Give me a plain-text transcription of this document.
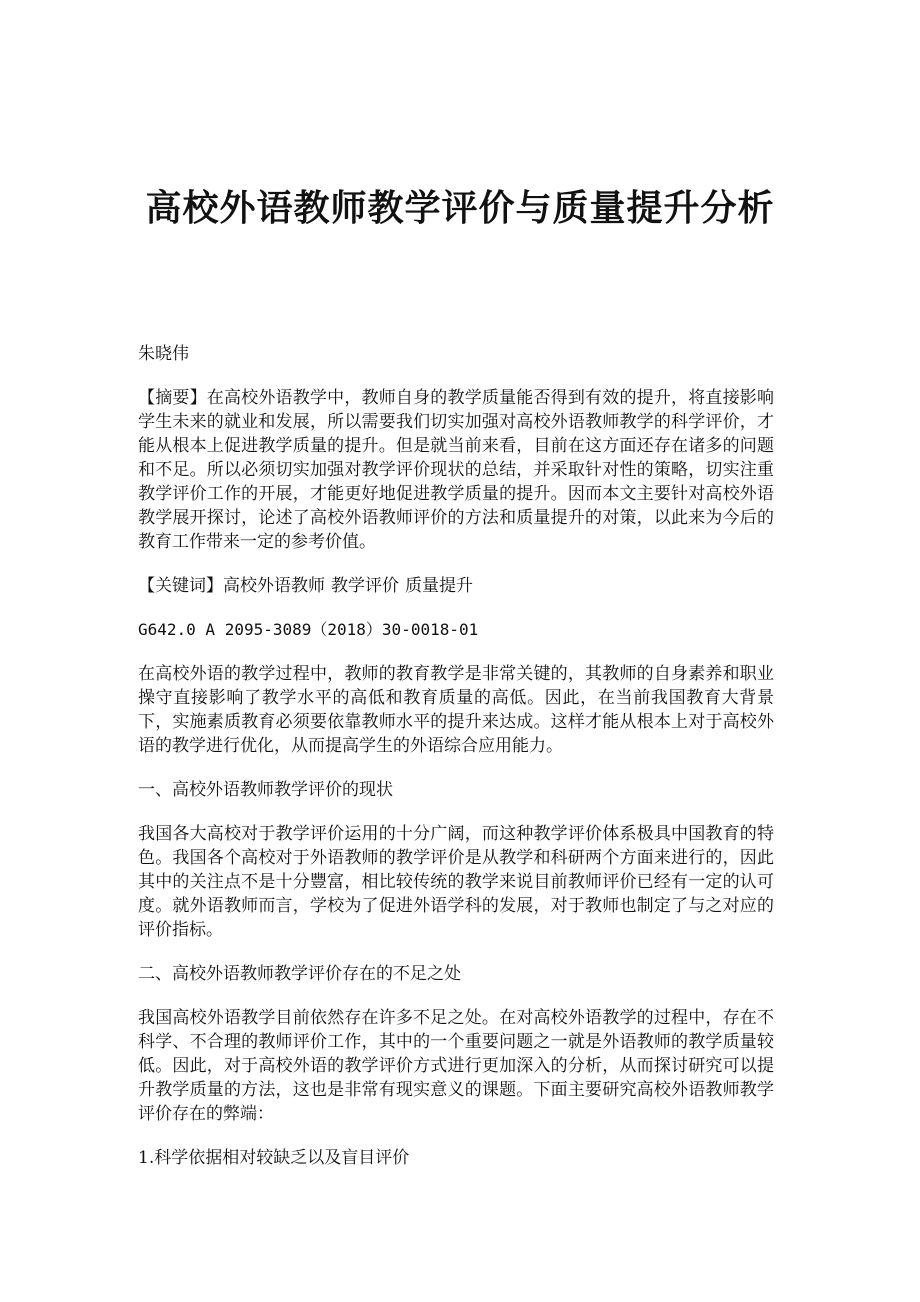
高校外语教师教学评价与质量提升分析

朱晓伟

【摘要】在高校外语教学中，教师自身的教学质量能否得到有效的提升，将直接影响学生未来的就业和发展，所以需要我们切实加强对高校外语教师教学的科学评价，才能从根本上促进教学质量的提升。但是就当前来看，目前在这方面还存在诸多的问题和不足。所以必须切实加强对教学评价现状的总结，并采取针对性的策略，切实注重教学评价工作的开展，才能更好地促进教学质量的提升。因而本文主要针对高校外语教学展开探讨，论述了高校外语教师评价的方法和质量提升的对策，以此来为今后的教育工作带来一定的参考价值。

【关键词】高校外语教师 教学评价 质量提升

G642.0 A 2095-3089（2018）30-0018-01

在高校外语的教学过程中，教师的教育教学是非常关键的，其教师的自身素养和职业操守直接影响了教学水平的高低和教育质量的高低。因此，在当前我国教育大背景下，实施素质教育必须要依靠教师水平的提升来达成。这样才能从根本上对于高校外语的教学进行优化，从而提高学生的外语综合应用能力。

一、高校外语教师教学评价的现状

我国各大高校对于教学评价运用的十分广阔，而这种教学评价体系极具中国教育的特色。我国各个高校对于外语教师的教学评价是从教学和科研两个方面来进行的，因此其中的关注点不是十分豐富，相比较传统的教学来说目前教师评价已经有一定的认可度。就外语教师而言，学校为了促进外语学科的发展，对于教师也制定了与之对应的评价指标。

二、高校外语教师教学评价存在的不足之处

我国高校外语教学目前依然存在许多不足之处。在对高校外语教学的过程中，存在不科学、不合理的教师评价工作，其中的一个重要问题之一就是外语教师的教学质量较低。因此，对于高校外语的教学评价方式进行更加深入的分析，从而探讨研究可以提升教学质量的方法，这也是非常有现实意义的课题。下面主要研究高校外语教师教学评价存在的弊端：

1.科学依据相对较缺乏以及盲目评价
